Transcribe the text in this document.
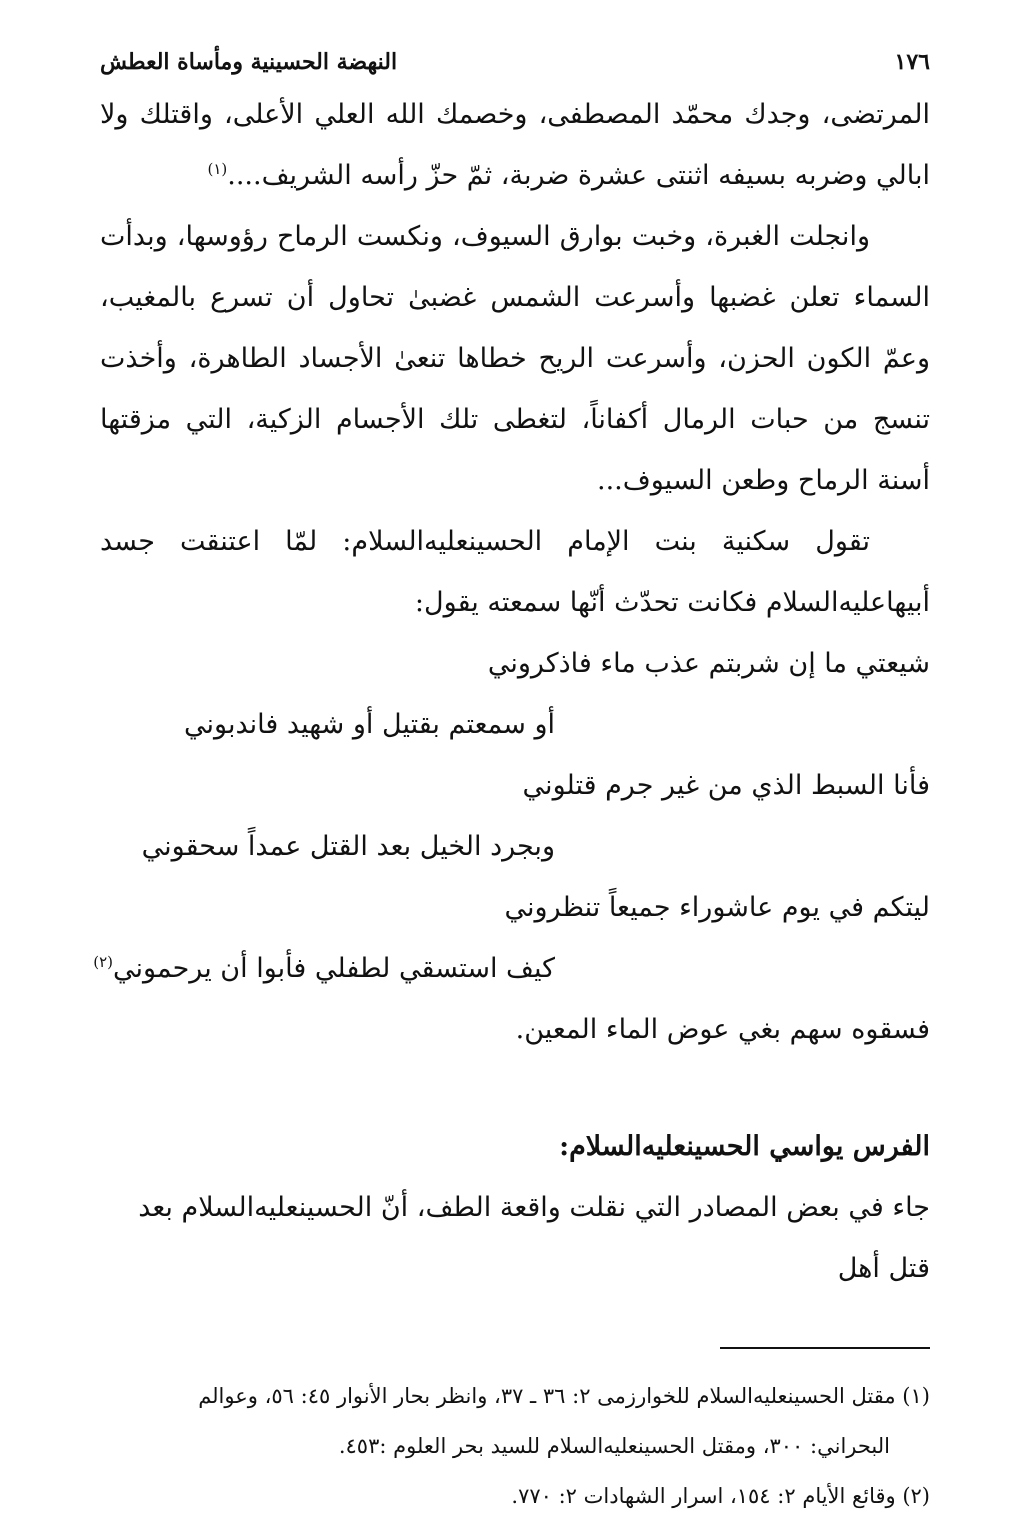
١٧٦
النهضة الحسينية ومأساة العطش

المرتضى، وجدك محمّد المصطفى، وخصمك الله العلي الأعلى، واقتلك ولا ابالي وضربه بسيفه اثنتى عشرة ضربة، ثمّ حزّ رأسه الشريف....$^{(١)}$

وانجلت الغبرة، وخبت بوارق السيوف، ونكست الرماح رؤوسها، وبدأت السماء تعلن غضبها وأسرعت الشمس غضبىٰ تحاول أن تسرع بالمغيب، وعمّ الكون الحزن، وأسرعت الريح خطاها تنعىٰ الأجساد الطاهرة، وأخذت تنسج من حبات الرمال أكفاناً، لتغطى تلك الأجسام الزكية، التي مزقتها أسنة الرماح وطعن السيوف...

تقول سكنية بنت الإمام الحسينعليه‌السلام: لمّا اعتنقت جسد أبيهاعليه‌السلام فكانت تحدّث أنّها سمعته يقول:

شيعتي ما إن شربتم عذب ماء فاذكروني
أو سمعتم بقتيل أو شهيد فاندبوني
فأنا السبط الذي من غير جرم قتلوني
وبجرد الخيل بعد القتل عمداً سحقوني
ليتكم في يوم عاشوراء جميعاً تنظروني
كيف استسقي لطفلي فأبوا أن يرحموني$^{(٢)}$

فسقوه سهم بغي عوض الماء المعين.

الفرس يواسي الحسينعليه‌السلام:

جاء في بعض المصادر التي نقلت واقعة الطف، أنّ الحسينعليه‌السلام بعد قتل أهل

(١) مقتل الحسينعليه‌السلام للخوارزمى ٢: ٣٦ ـ ٣٧، وانظر بحار الأنوار ٤٥: ٥٦، وعوالم

البحراني: ٣٠٠، ومقتل الحسينعليه‌السلام للسيد بحر العلوم :٤٥٣.

(٢) وقائع الأيام ٢: ١٥٤، اسرار الشهادات ٢: ٧٧٠.
